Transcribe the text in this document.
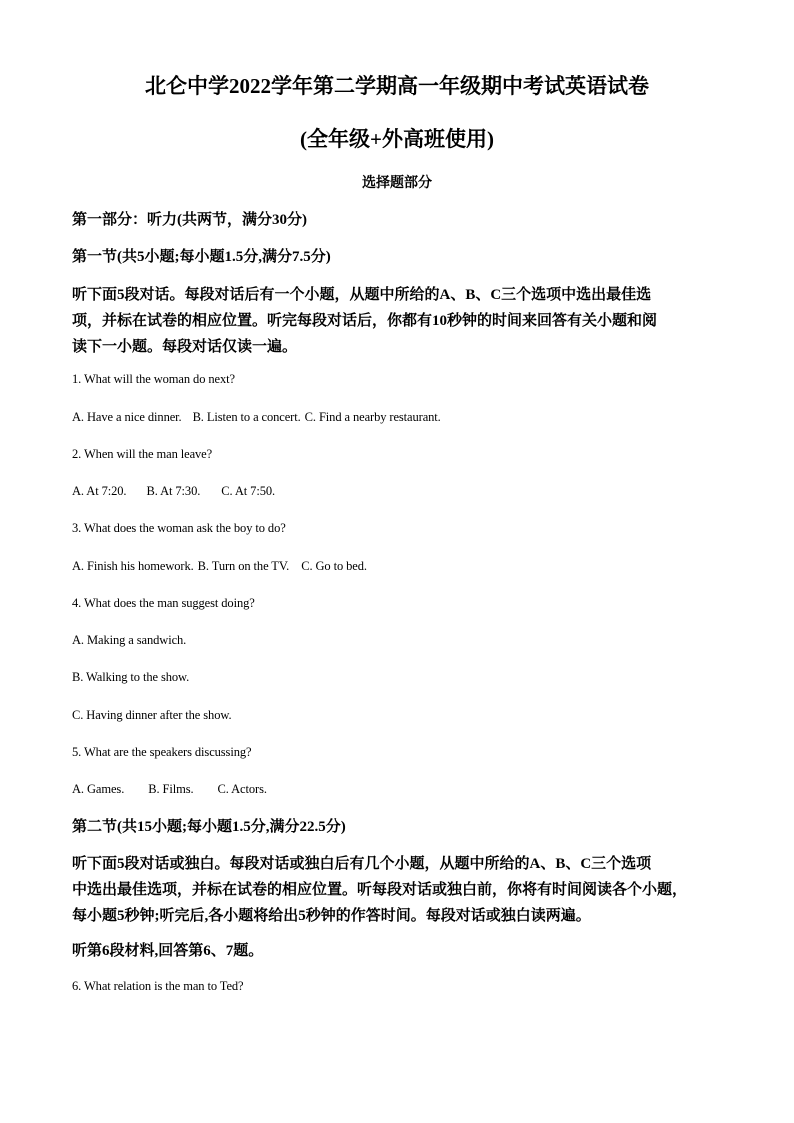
北仑中学2022学年第二学期高一年级期中考试英语试卷
(全年级+外高班使用)
选择题部分
第一部分：听力(共两节，满分30分)
第一节(共5小题;每小题1.5分,满分7.5分)
听下面5段对话。每段对话后有一个小题，从题中所给的A、B、C三个选项中选出最佳选
项，并标在试卷的相应位置。听完每段对话后，你都有10秒钟的时间来回答有关小题和阅
读下一小题。每段对话仅读一遍。
1. What will the woman do next?
A. Have a nice dinner. B. Listen to a concert. C. Find a nearby restaurant.
2. When will the man leave?
A. At 7:20. B. At 7:30. C. At 7:50.
3. What does the woman ask the boy to do?
A. Finish his homework. B. Turn on the TV. C. Go to bed.
4. What does the man suggest doing?
A. Making a sandwich.
B. Walking to the show.
C. Having dinner after the show.
5. What are the speakers discussing?
A. Games. B. Films. C. Actors.
第二节(共15小题;每小题1.5分,满分22.5分)
听下面5段对话或独白。每段对话或独白后有几个小题，从题中所给的A、B、C三个选项
中选出最佳选项，并标在试卷的相应位置。听每段对话或独白前，你将有时间阅读各个小题，
每小题5秒钟;听完后,各小题将给出5秒钟的作答时间。每段对话或独白读两遍。
听第6段材料,回答第6、7题。
6. What relation is the man to Ted?
